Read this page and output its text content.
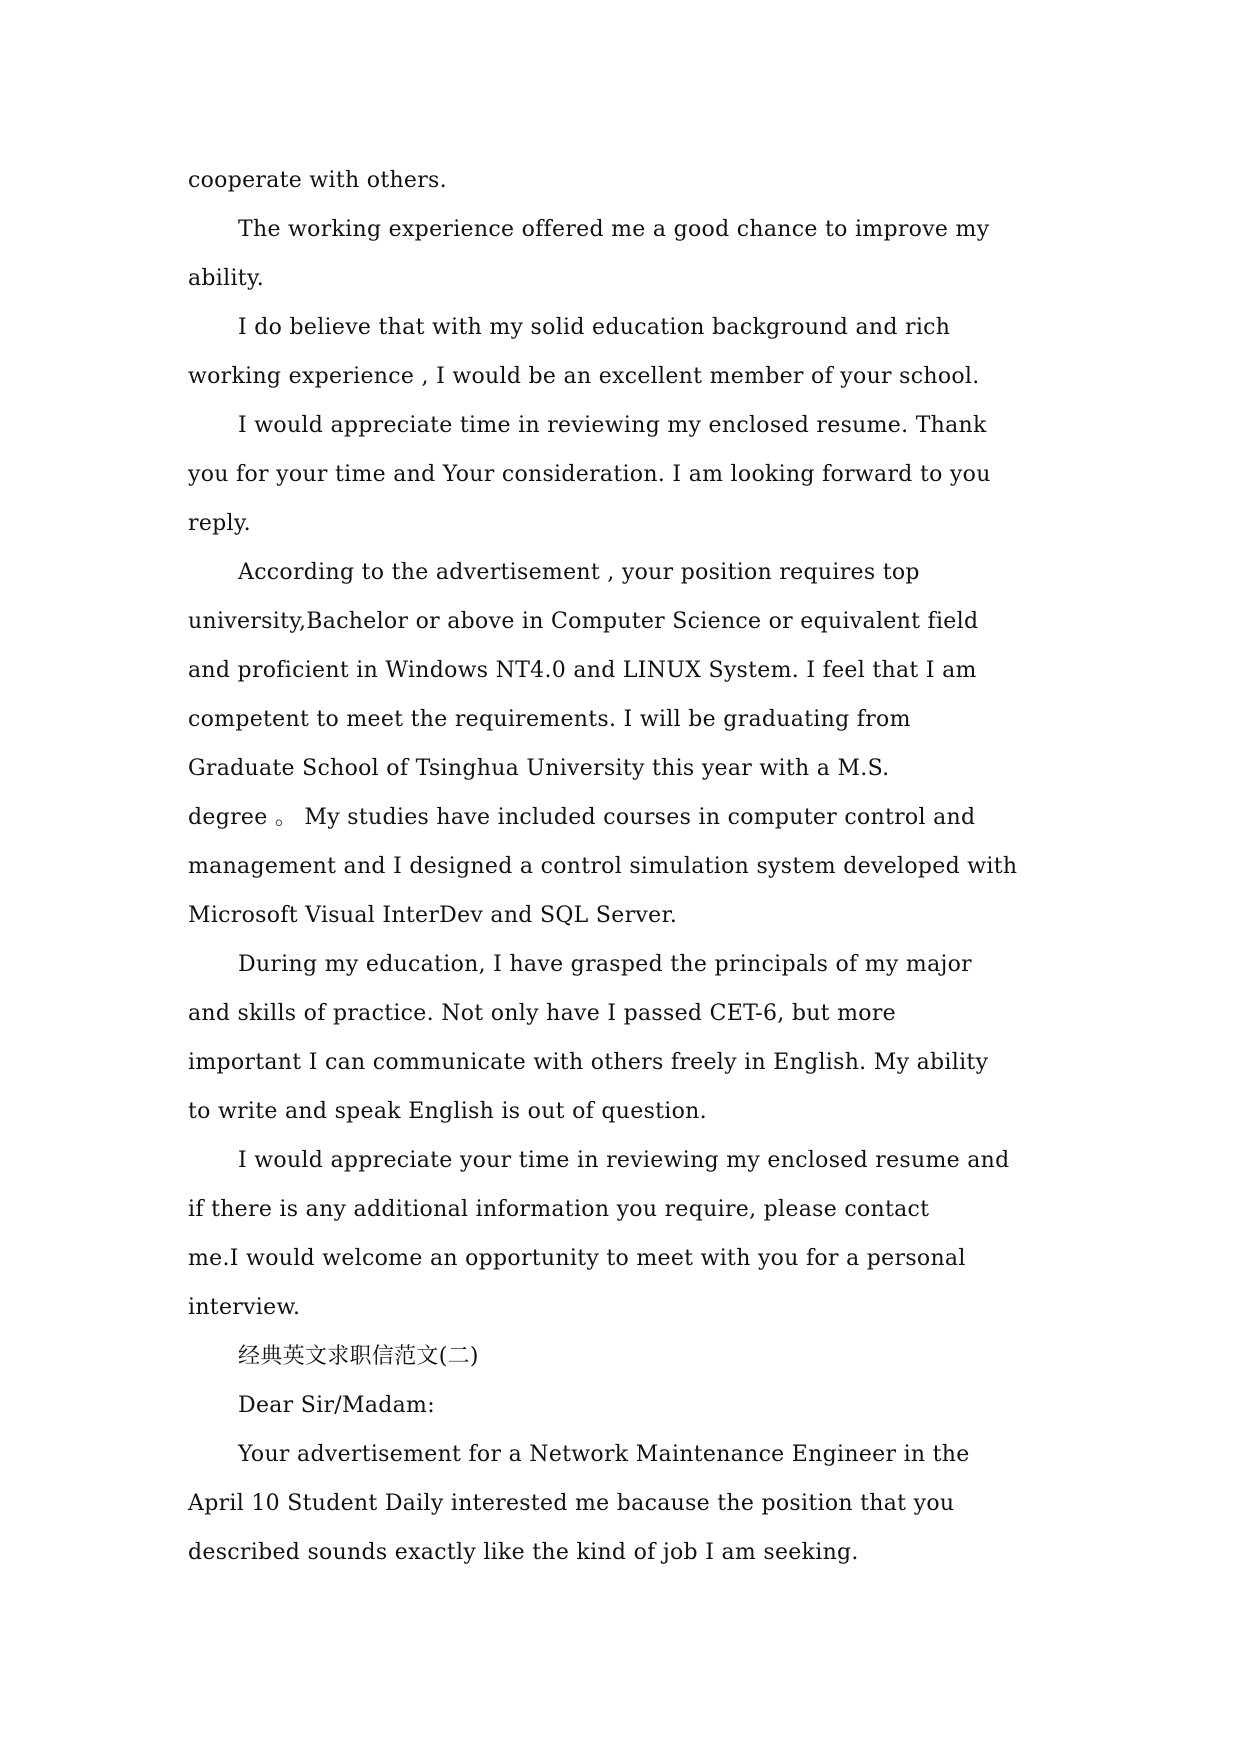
cooperate with others.
The working experience offered me a good chance to improve my
ability.
I do believe that with my solid education background and rich
working experience , I would be an excellent member of your school.
I would appreciate time in reviewing my enclosed resume. Thank
you for your time and Your consideration. I am looking forward to you
reply.
According to the advertisement , your position requires top
university,Bachelor or above in Computer Science or equivalent field
and proficient in Windows NT4.0 and LINUX System. I feel that I am
competent to meet the requirements. I will be graduating from
Graduate School of Tsinghua University this year with a M.S.
degree 。 My studies have included courses in computer control and
management and I designed a control simulation system developed with
Microsoft Visual InterDev and SQL Server.
During my education, I have grasped the principals of my major
and skills of practice. Not only have I passed CET-6, but more
important I can communicate with others freely in English. My ability
to write and speak English is out of question.
I would appreciate your time in reviewing my enclosed resume and
if there is any additional information you require, please contact
me.I would welcome an opportunity to meet with you for a personal
interview.
经典英文求职信范文(二)
Dear Sir/Madam:
Your advertisement for a Network Maintenance Engineer in the
April 10 Student Daily interested me bacause the position that you
described sounds exactly like the kind of job I am seeking.
